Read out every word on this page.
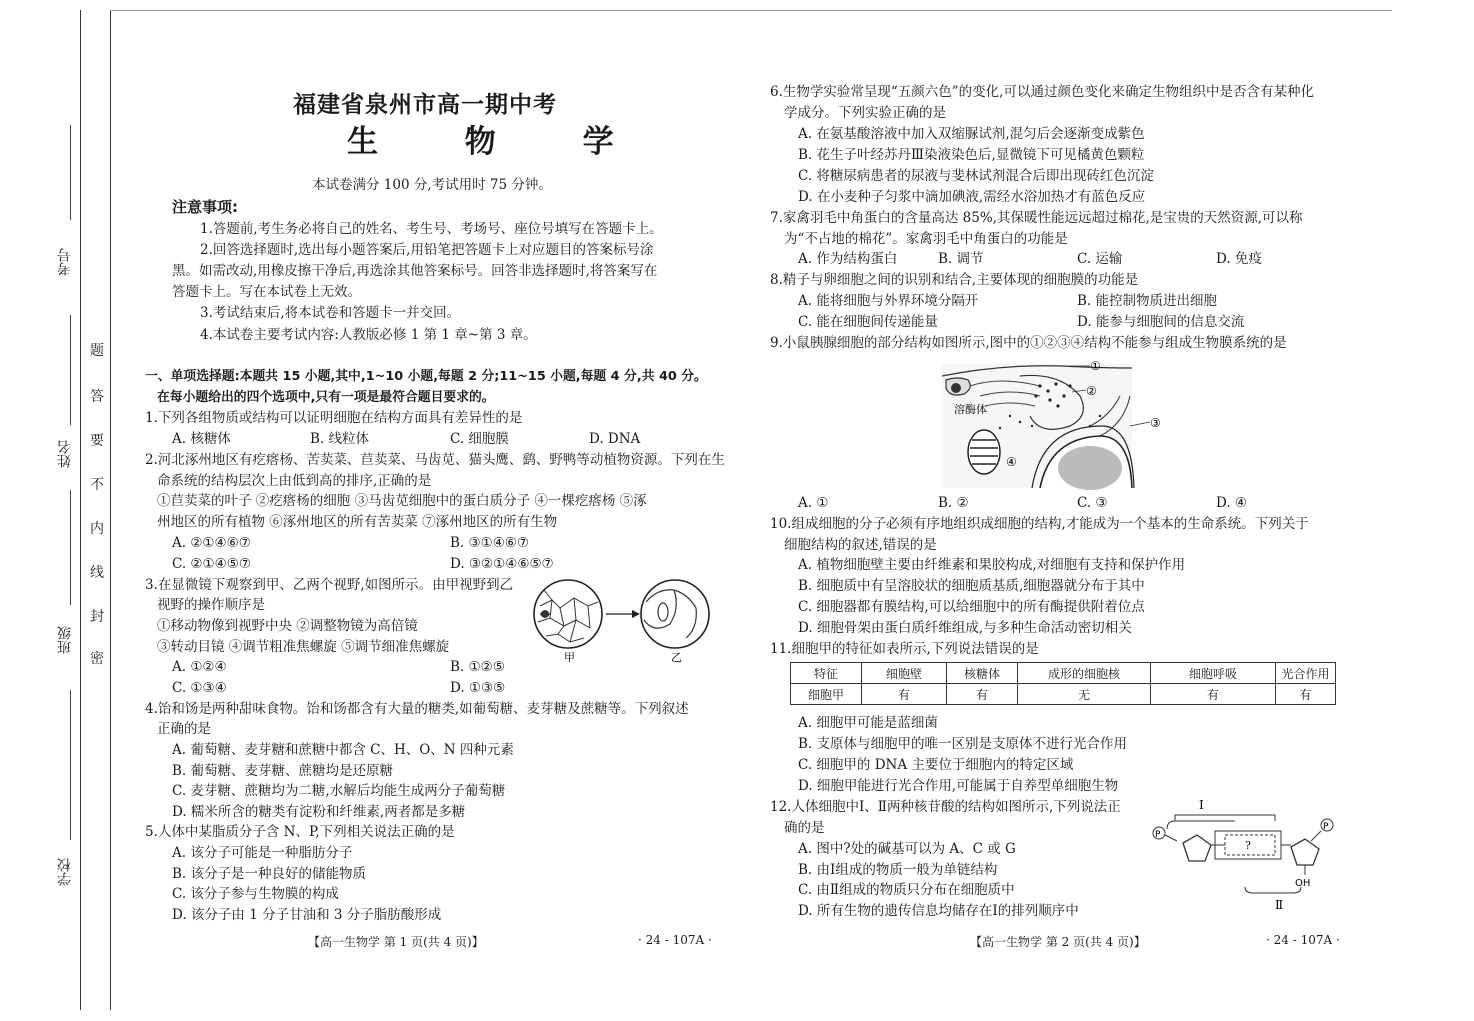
考号
姓名
班级
学校
题
答
要
不
内
线
封
密
福建省泉州市高一期中考
生 物 学
本试卷满分 100 分,考试用时 75 分钟。
注意事项:
1.答题前,考生务必将自己的姓名、考生号、考场号、座位号填写在答题卡上。
2.回答选择题时,选出每小题答案后,用铅笔把答题卡上对应题目的答案标号涂
黑。如需改动,用橡皮擦干净后,再选涂其他答案标号。回答非选择题时,将答案写在
答题卡上。写在本试卷上无效。
3.考试结束后,将本试卷和答题卡一并交回。
4.本试卷主要考试内容:人教版必修 1 第 1 章~第 3 章。
一、单项选择题:本题共 15 小题,其中,1~10 小题,每题 2 分;11~15 小题,每题 4 分,共 40 分。
在每小题给出的四个选项中,只有一项是最符合题目要求的。
1.下列各组物质或结构可以证明细胞在结构方面具有差异性的是
A. 核糖体	B. 线粒体	C. 细胞膜	D. DNA
2.河北涿州地区有疙瘩杨、苦荬菜、苣荬菜、马齿苋、猫头鹰、鹞、野鸭等动植物资源。下列在生
命系统的结构层次上由低到高的排序,正确的是
①苣荬菜的叶子 ②疙瘩杨的细胞 ③马齿苋细胞中的蛋白质分子 ④一棵疙瘩杨 ⑤涿
州地区的所有植物 ⑥涿州地区的所有苦荬菜 ⑦涿州地区的所有生物
A. ②①④⑥⑦	B. ③①④⑥⑦
C. ②①④⑤⑦	D. ③②①④⑥⑤⑦
3.在显微镜下观察到甲、乙两个视野,如图所示。由甲视野到乙
视野的操作顺序是
①移动物像到视野中央 ②调整物镜为高倍镜
③转动目镜 ④调节粗准焦螺旋 ⑤调节细准焦螺旋
A. ①②④	B. ①②⑤
C. ①③④	D. ①③⑤
甲	乙
4.饴和饧是两种甜味食物。饴和饧都含有大量的糖类,如葡萄糖、麦芽糖及蔗糖等。下列叙述
正确的是
A. 葡萄糖、麦芽糖和蔗糖中都含 C、H、O、N 四种元素
B. 葡萄糖、麦芽糖、蔗糖均是还原糖
C. 麦芽糖、蔗糖均为二糖,水解后均能生成两分子葡萄糖
D. 糯米所含的糖类有淀粉和纤维素,两者都是多糖
5.人体中某脂质分子含 N、P,下列相关说法正确的是
A. 该分子可能是一种脂肪分子
B. 该分子是一种良好的储能物质
C. 该分子参与生物膜的构成
D. 该分子由 1 分子甘油和 3 分子脂肪酸形成
【高一生物学 第 1 页(共 4 页)】	· 24 - 107A ·
6.生物学实验常呈现“五颜六色”的变化,可以通过颜色变化来确定生物组织中是否含有某种化
学成分。下列实验正确的是
A. 在氨基酸溶液中加入双缩脲试剂,混匀后会逐渐变成紫色
B. 花生子叶经苏丹Ⅲ染液染色后,显微镜下可见橘黄色颗粒
C. 将糖尿病患者的尿液与斐林试剂混合后即出现砖红色沉淀
D. 在小麦种子匀浆中滴加碘液,需经水浴加热才有蓝色反应
7.家禽羽毛中角蛋白的含量高达 85%,其保暖性能远远超过棉花,是宝贵的天然资源,可以称
为“不占地的棉花”。家禽羽毛中角蛋白的功能是
A. 作为结构蛋白	B. 调节	C. 运输	D. 免疫
8.精子与卵细胞之间的识别和结合,主要体现的细胞膜的功能是
A. 能将细胞与外界环境分隔开	B. 能控制物质进出细胞
C. 能在细胞间传递能量	D. 能参与细胞间的信息交流
9.小鼠胰腺细胞的部分结构如图所示,图中的①②③④结构不能参与组成生物膜系统的是
溶酶体
①
②
③
④
A. ①	B. ②	C. ③	D. ④
10.组成细胞的分子必须有序地组织成细胞的结构,才能成为一个基本的生命系统。下列关于
细胞结构的叙述,错误的是
A. 植物细胞壁主要由纤维素和果胶构成,对细胞有支持和保护作用
B. 细胞质中有呈溶胶状的细胞质基质,细胞器就分布于其中
C. 细胞器都有膜结构,可以给细胞中的所有酶提供附着位点
D. 细胞骨架由蛋白质纤维组成,与多种生命活动密切相关
11.细胞甲的特征如表所示,下列说法错误的是
特征	细胞壁	核糖体	成形的细胞核	细胞呼吸	光合作用
细胞甲	有	有	无	有	有
A. 细胞甲可能是蓝细菌
B. 支原体与细胞甲的唯一区别是支原体不进行光合作用
C. 细胞甲的 DNA 主要位于细胞内的特定区域
D. 细胞甲能进行光合作用,可能属于自养型单细胞生物
12.人体细胞中Ⅰ、Ⅱ两种核苷酸的结构如图所示,下列说法正
确的是
A. 图中?处的碱基可以为 A、C 或 G
B. 由Ⅰ组成的物质一般为单链结构
C. 由Ⅱ组成的物质只分布在细胞质中
D. 所有生物的遗传信息均储存在Ⅰ的排列顺序中
Ⅰ
P
?
P
OH
Ⅱ
【高一生物学 第 2 页(共 4 页)】	· 24 - 107A ·
